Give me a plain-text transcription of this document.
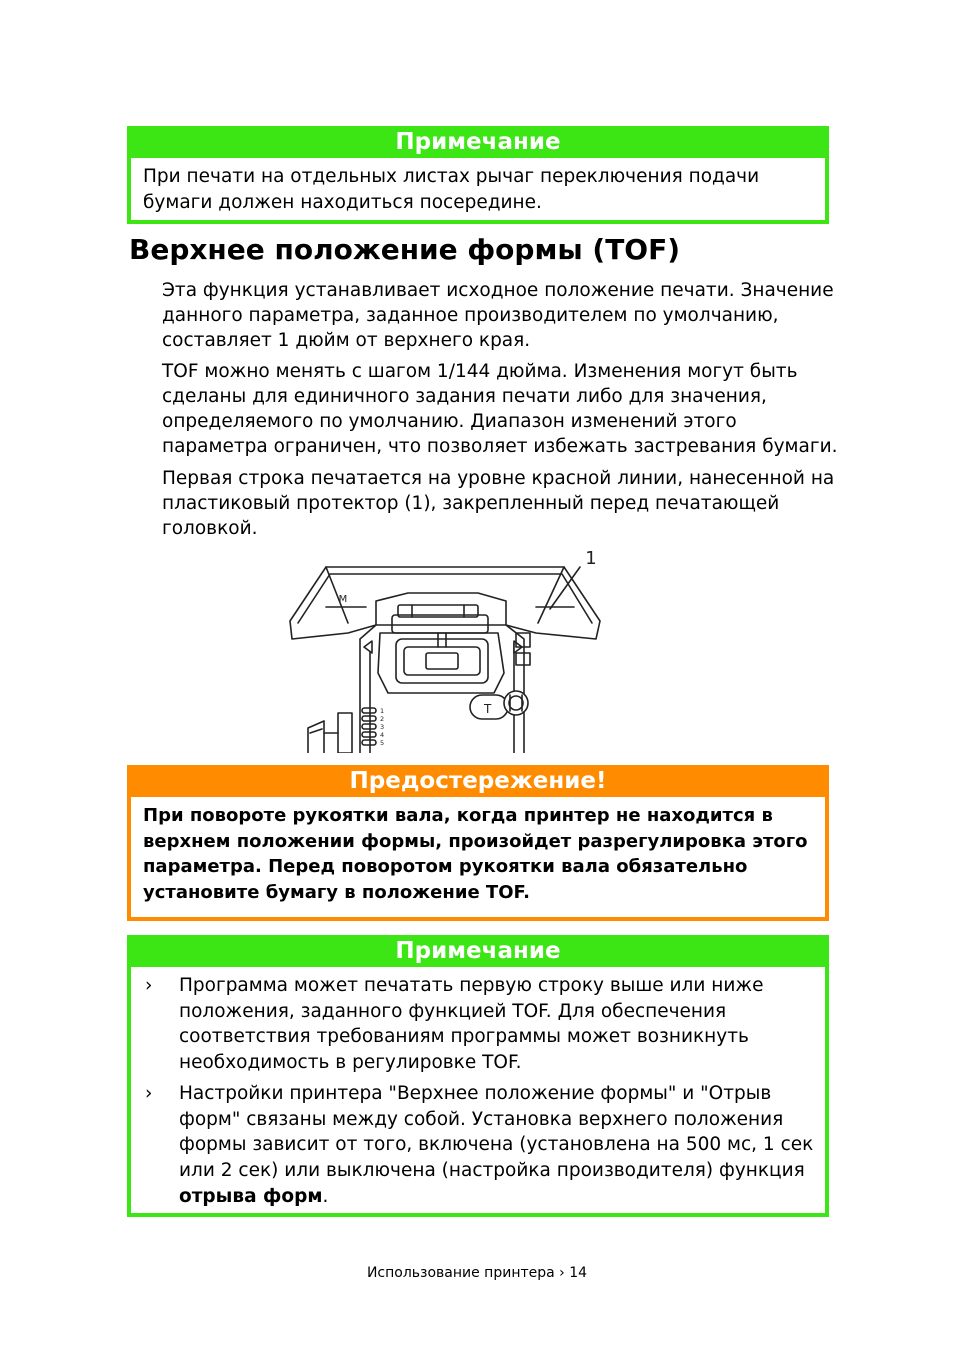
Примечание
При печати на отдельных листах рычаг переключения подачи бумаги должен находиться посередине.
Верхнее положение формы (TOF)

Эта функция устанавливает исходное положение печати. Значение данного параметра, заданное производителем по умолчанию, составляет 1 дюйм от верхнего края.

TOF можно менять с шагом 1/144 дюйма. Изменения могут быть сделаны для единичного задания печати либо для значения, определяемого по умолчанию. Диапазон изменений этого параметра ограничен, что позволяет избежать застревания бумаги.

Первая строка печатается на уровне красной линии, нанесенной на пластиковый протектор (1), закрепленный перед печатающей головкой.

M
1
T
1
2
3
4
5
Предостережение!
При повороте рукоятки вала, когда принтер не находится в верхнем положении формы, произойдет разрегулировка этого параметра. Перед поворотом рукоятки вала обязательно установите бумагу в положение TOF.
Примечание
›	Программа может печатать первую строку выше или ниже положения, заданного функцией TOF. Для обеспечения соответствия требованиям программы может возникнуть необходимость в регулировке TOF.
›	Настройки принтера "Верхнее положение формы" и "Отрыв форм" связаны между собой. Установка верхнего положения формы зависит от того, включена (установлена на 500 мс, 1 сек или 2 сек) или выключена (настройка производителя) функция отрыва форм.
Использование принтера › 14
